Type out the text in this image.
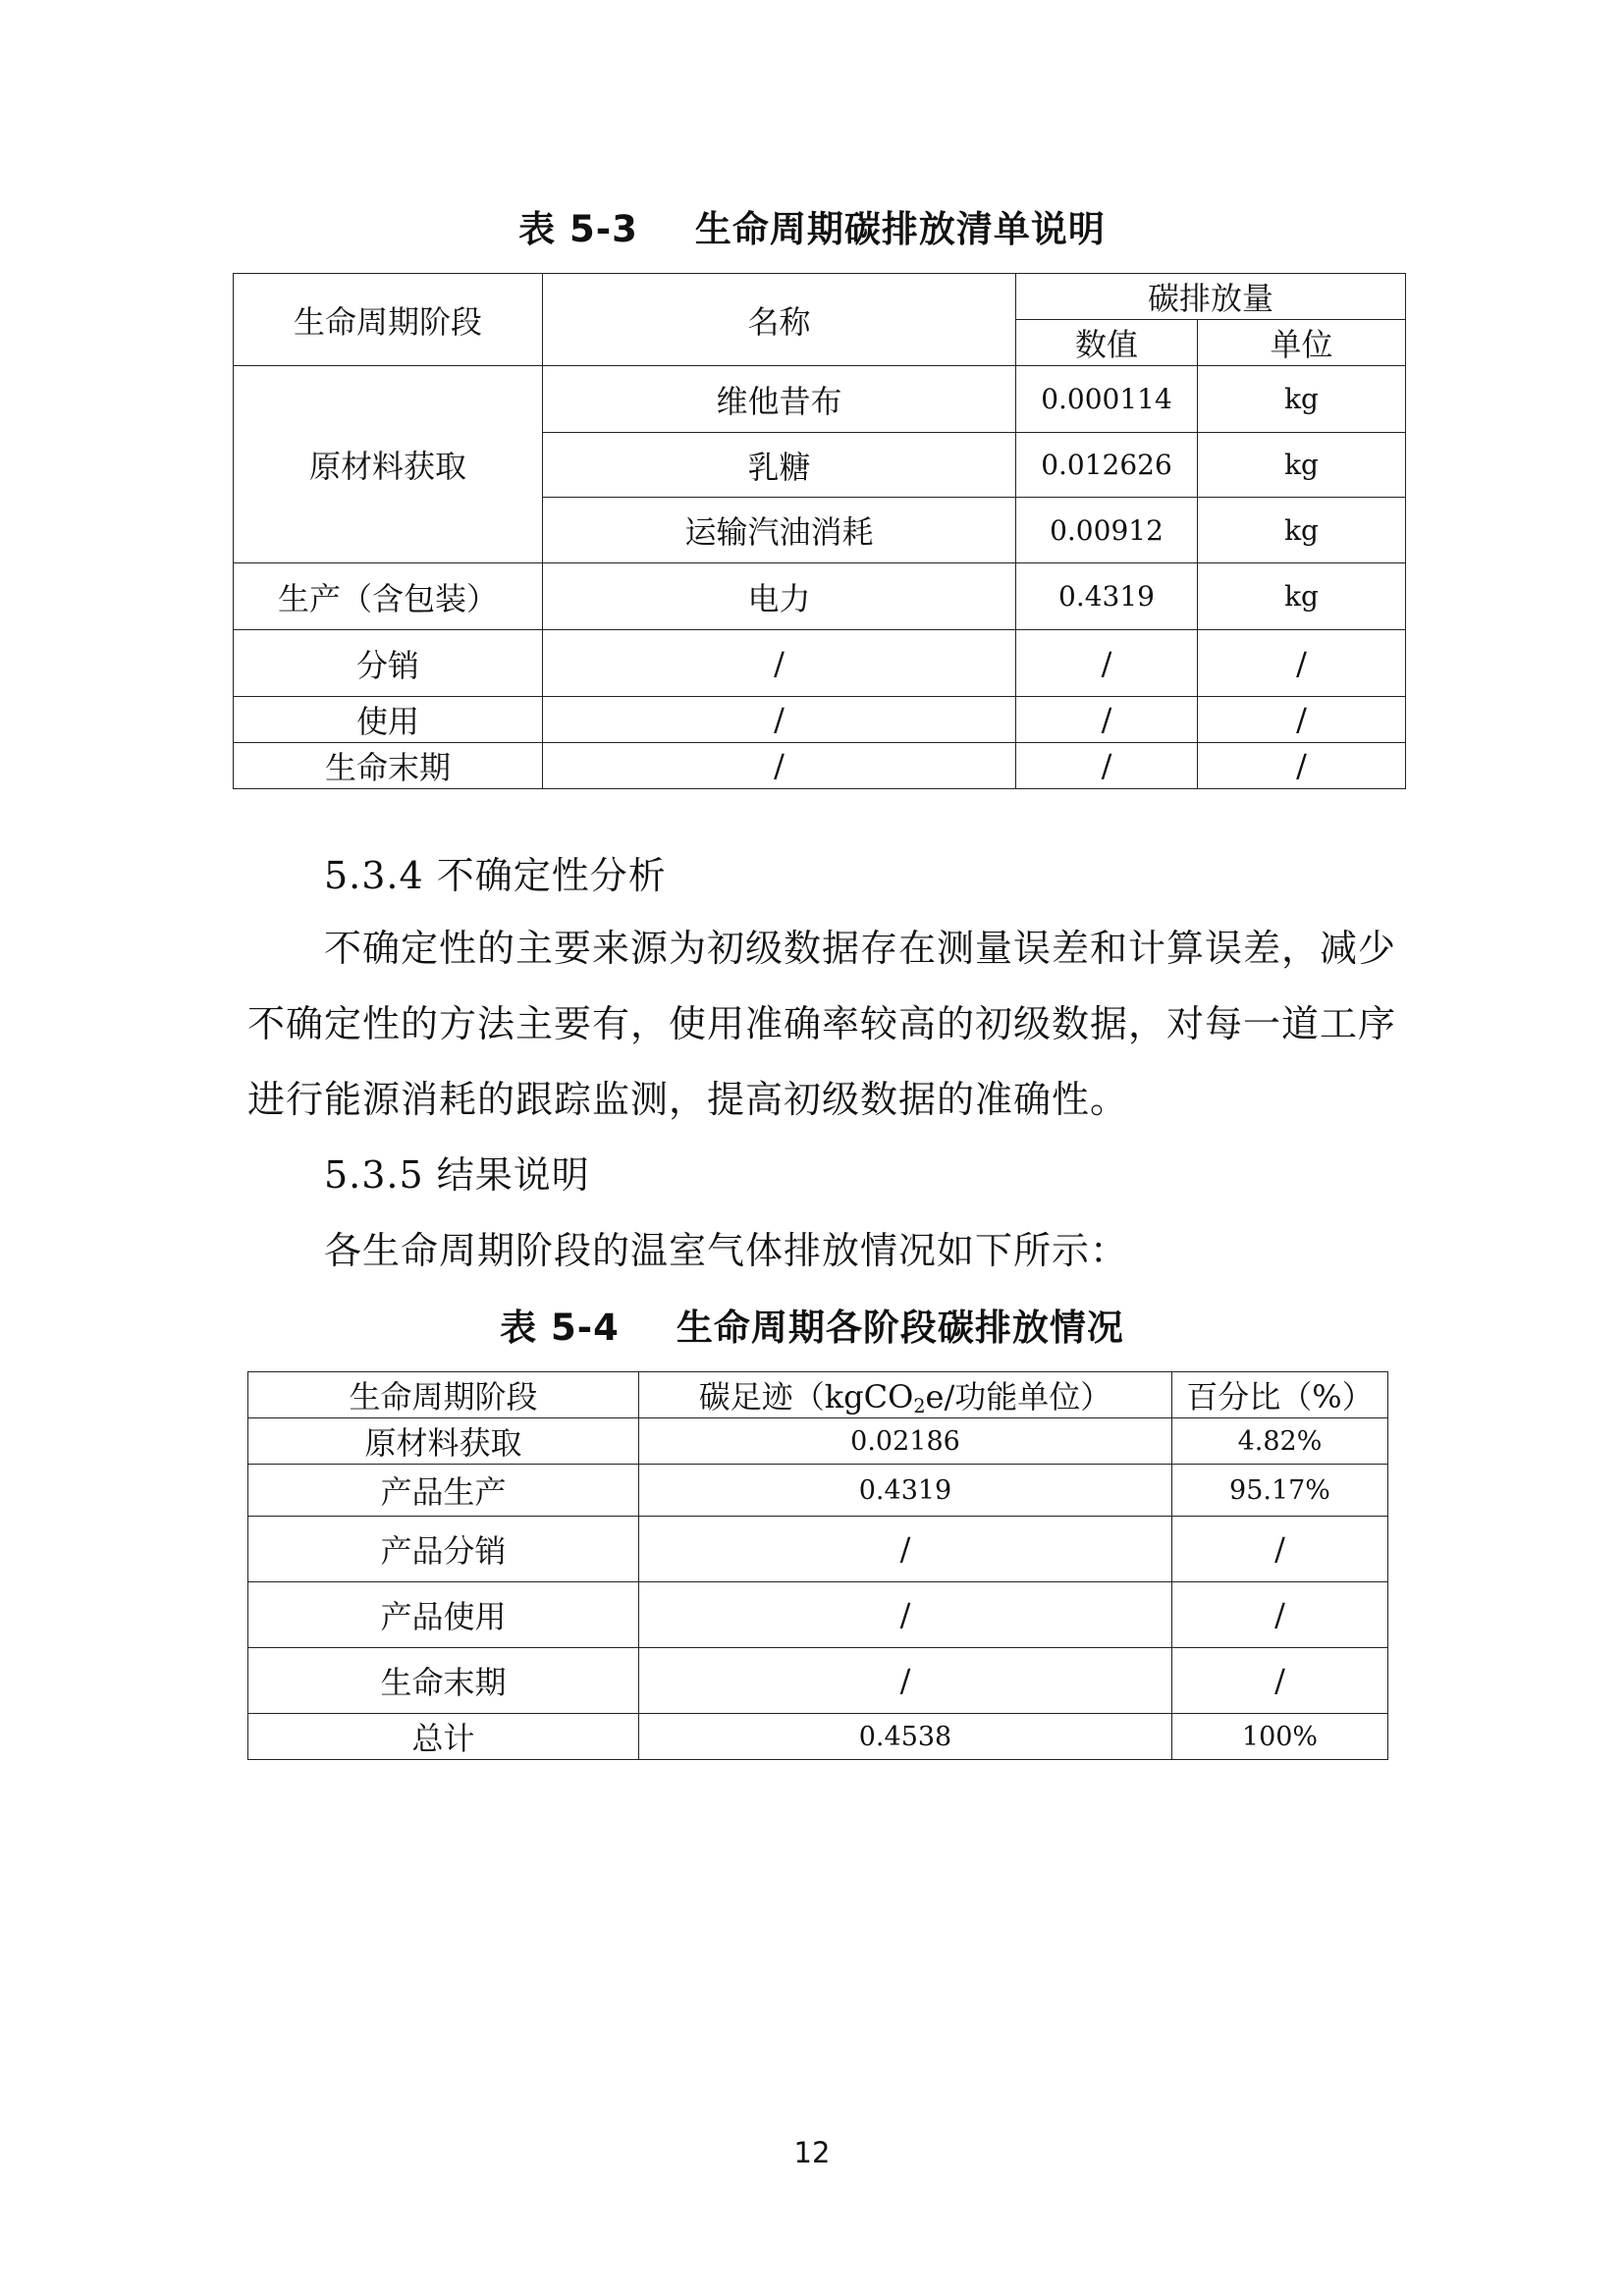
表 5-3 生命周期碳排放清单说明
生命周期阶段	名称	碳排放量	
		数值	单位
原材料获取	维他昔布	0.000114	kg
	乳糖	0.012626	kg
	运输汽油消耗	0.00912	kg
生产（含包装）	电力	0.4319	kg
分销	/	/	/
使用	/	/	/
生命末期	/	/	/
5.3.4 不确定性分析
不确定性的主要来源为初级数据存在测量误差和计算误差，减少
不确定性的方法主要有，使用准确率较高的初级数据，对每一道工序
进行能源消耗的跟踪监测，提高初级数据的准确性。
5.3.5 结果说明
各生命周期阶段的温室气体排放情况如下所示：
表 5-4 生命周期各阶段碳排放情况
生命周期阶段	碳足迹（kgCO$_2$e/功能单位）	百分比（%）
原材料获取	0.02186	4.82%
产品生产	0.4319	95.17%
产品分销	/	/
产品使用	/	/
生命末期	/	/
总计	0.4538	100%
12
